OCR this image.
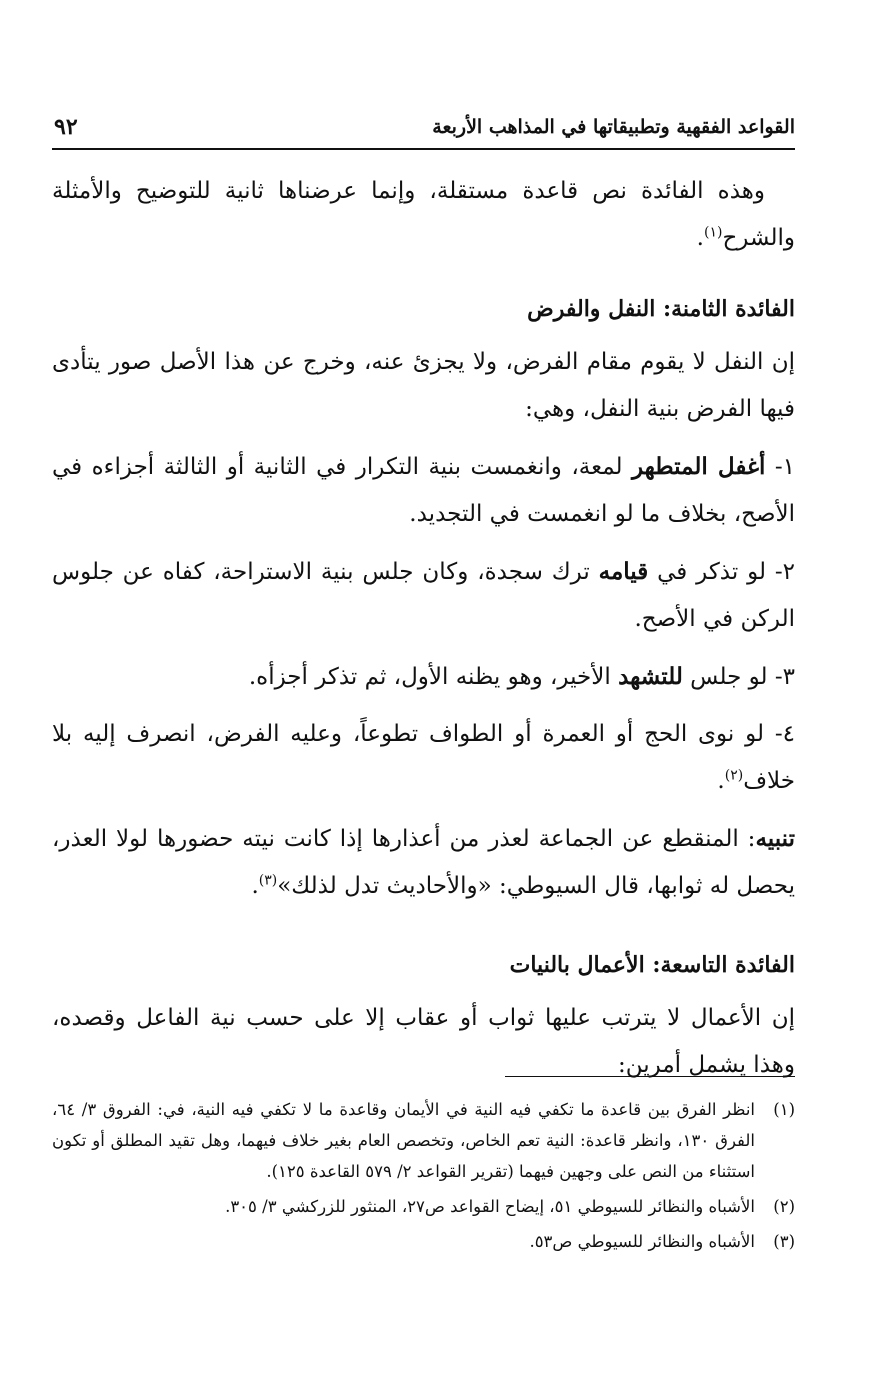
القواعد الفقهية وتطبيقاتها في المذاهب الأربعة
٩٢

وهذه الفائدة نص قاعدة مستقلة، وإنما عرضناها ثانية للتوضيح والأمثلة والشرح$^{(١)}$.

الفائدة الثامنة: النفل والفرض

إن النفل لا يقوم مقام الفرض، ولا يجزئ عنه، وخرج عن هذا الأصل صور يتأدى فيها الفرض بنية النفل، وهي:

١- أغفل المتطهر لمعة، وانغمست بنية التكرار في الثانية أو الثالثة أجزاءه في الأصح، بخلاف ما لو انغمست في التجديد.

٢- لو تذكر في قيامه ترك سجدة، وكان جلس بنية الاستراحة، كفاه عن جلوس الركن في الأصح.

٣- لو جلس للتشهد الأخير، وهو يظنه الأول، ثم تذكر أجزأه.

٤- لو نوى الحج أو العمرة أو الطواف تطوعاً، وعليه الفرض، انصرف إليه بلا خلاف$^{(٢)}$.

تنبيه: المنقطع عن الجماعة لعذر من أعذارها إذا كانت نيته حضورها لولا العذر، يحصل له ثوابها، قال السيوطي: «والأحاديث تدل لذلك»$^{(٣)}$.

الفائدة التاسعة: الأعمال بالنيات

إن الأعمال لا يترتب عليها ثواب أو عقاب إلا على حسب نية الفاعل وقصده، وهذا يشمل أمرين:

(١)
انظر الفرق بين قاعدة ما تكفي فيه النية في الأيمان وقاعدة ما لا تكفي فيه النية، في: الفروق ٣/ ٦٤، الفرق ١٣٠، وانظر قاعدة: النية تعم الخاص، وتخصص العام بغير خلاف فيهما، وهل تقيد المطلق أو تكون استثناء من النص على وجهين فيهما (تقرير القواعد ٢/ ٥٧٩ القاعدة ١٢٥).

(٢)
الأشباه والنظائر للسيوطي ٥١، إيضاح القواعد ص٢٧، المنثور للزركشي ٣/ ٣٠٥.

(٣)
الأشباه والنظائر للسيوطي ص٥٣.
